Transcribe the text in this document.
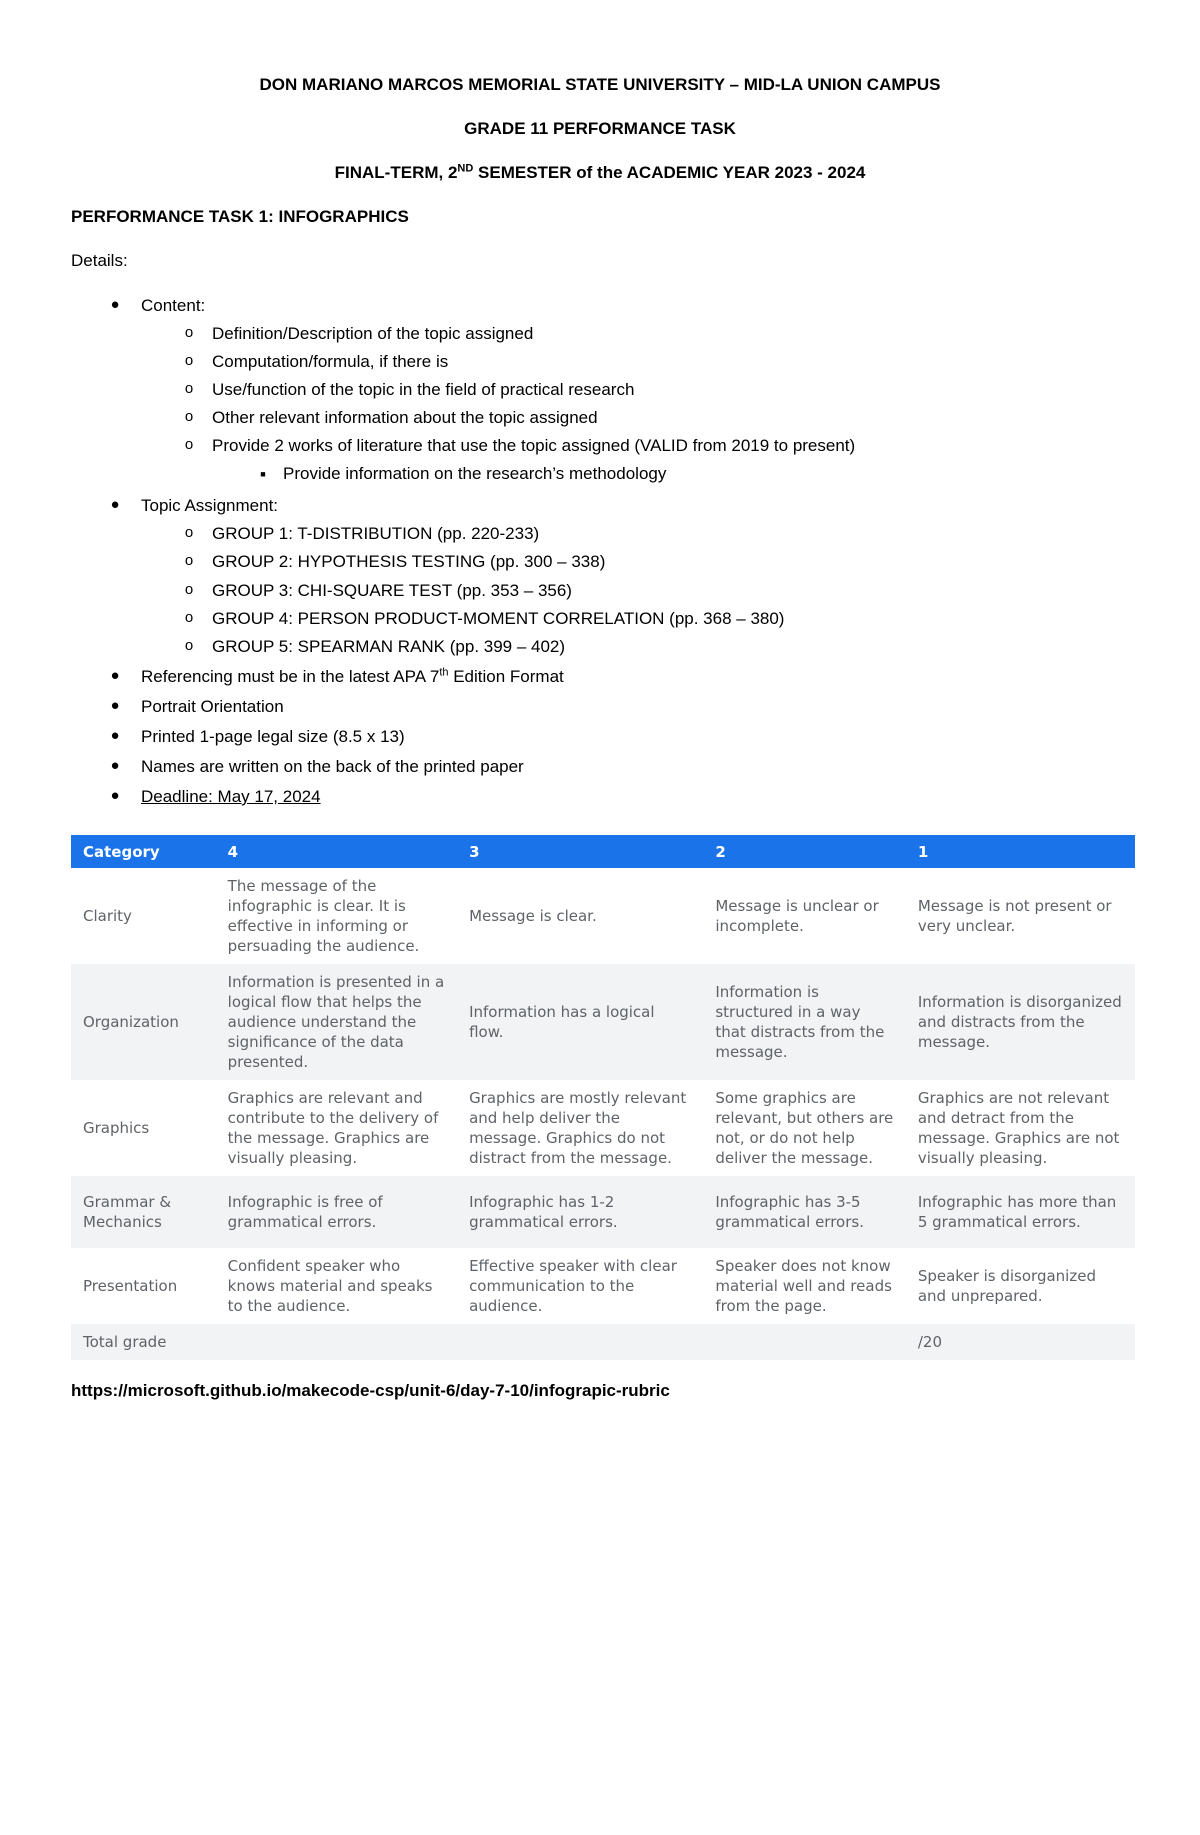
DON MARIANO MARCOS MEMORIAL STATE UNIVERSITY – MID-LA UNION CAMPUS
GRADE 11 PERFORMANCE TASK
FINAL-TERM, 2ND SEMESTER of the ACADEMIC YEAR 2023 - 2024
PERFORMANCE TASK 1: INFOGRAPHICS
Details:
●	Content:
o	Definition/Description of the topic assigned
o	Computation/formula, if there is
o	Use/function of the topic in the field of practical research
o	Other relevant information about the topic assigned
o	Provide 2 works of literature that use the topic assigned (VALID from 2019 to present)
■	Provide information on the research’s methodology
●	Topic Assignment:
o	GROUP 1: T-DISTRIBUTION (pp. 220-233)
o	GROUP 2: HYPOTHESIS TESTING (pp. 300 – 338)
o	GROUP 3: CHI-SQUARE TEST (pp. 353 – 356)
o	GROUP 4: PERSON PRODUCT-MOMENT CORRELATION (pp. 368 – 380)
o	GROUP 5: SPEARMAN RANK (pp. 399 – 402)
●	Referencing must be in the latest APA 7th Edition Format
●	Portrait Orientation
●	Printed 1-page legal size (8.5 x 13)
●	Names are written on the back of the printed paper
●	Deadline: May 17, 2024
Category	4	3	2	1
Clarity	The message of the infographic is clear. It is effective in informing or persuading the audience.	Message is clear.	Message is unclear or incomplete.	Message is not present or very unclear.
Organization	Information is presented in a logical flow that helps the audience understand the significance of the data presented.	Information has a logical flow.	Information is structured in a way that distracts from the message.	Information is disorganized and distracts from the message.
Graphics	Graphics are relevant and contribute to the delivery of the message. Graphics are visually pleasing.	Graphics are mostly relevant and help deliver the message. Graphics do not distract from the message.	Some graphics are relevant, but others are not, or do not help deliver the message.	Graphics are not relevant and detract from the message. Graphics are not visually pleasing.
Grammar & Mechanics	Infographic is free of grammatical errors.	Infographic has 1-2 grammatical errors.	Infographic has 3-5 grammatical errors.	Infographic has more than 5 grammatical errors.
Presentation	Confident speaker who knows material and speaks to the audience.	Effective speaker with clear communication to the audience.	Speaker does not know material well and reads from the page.	Speaker is disorganized and unprepared.
Total grade				/20
https://microsoft.github.io/makecode-csp/unit-6/day-7-10/infograpic-rubric
